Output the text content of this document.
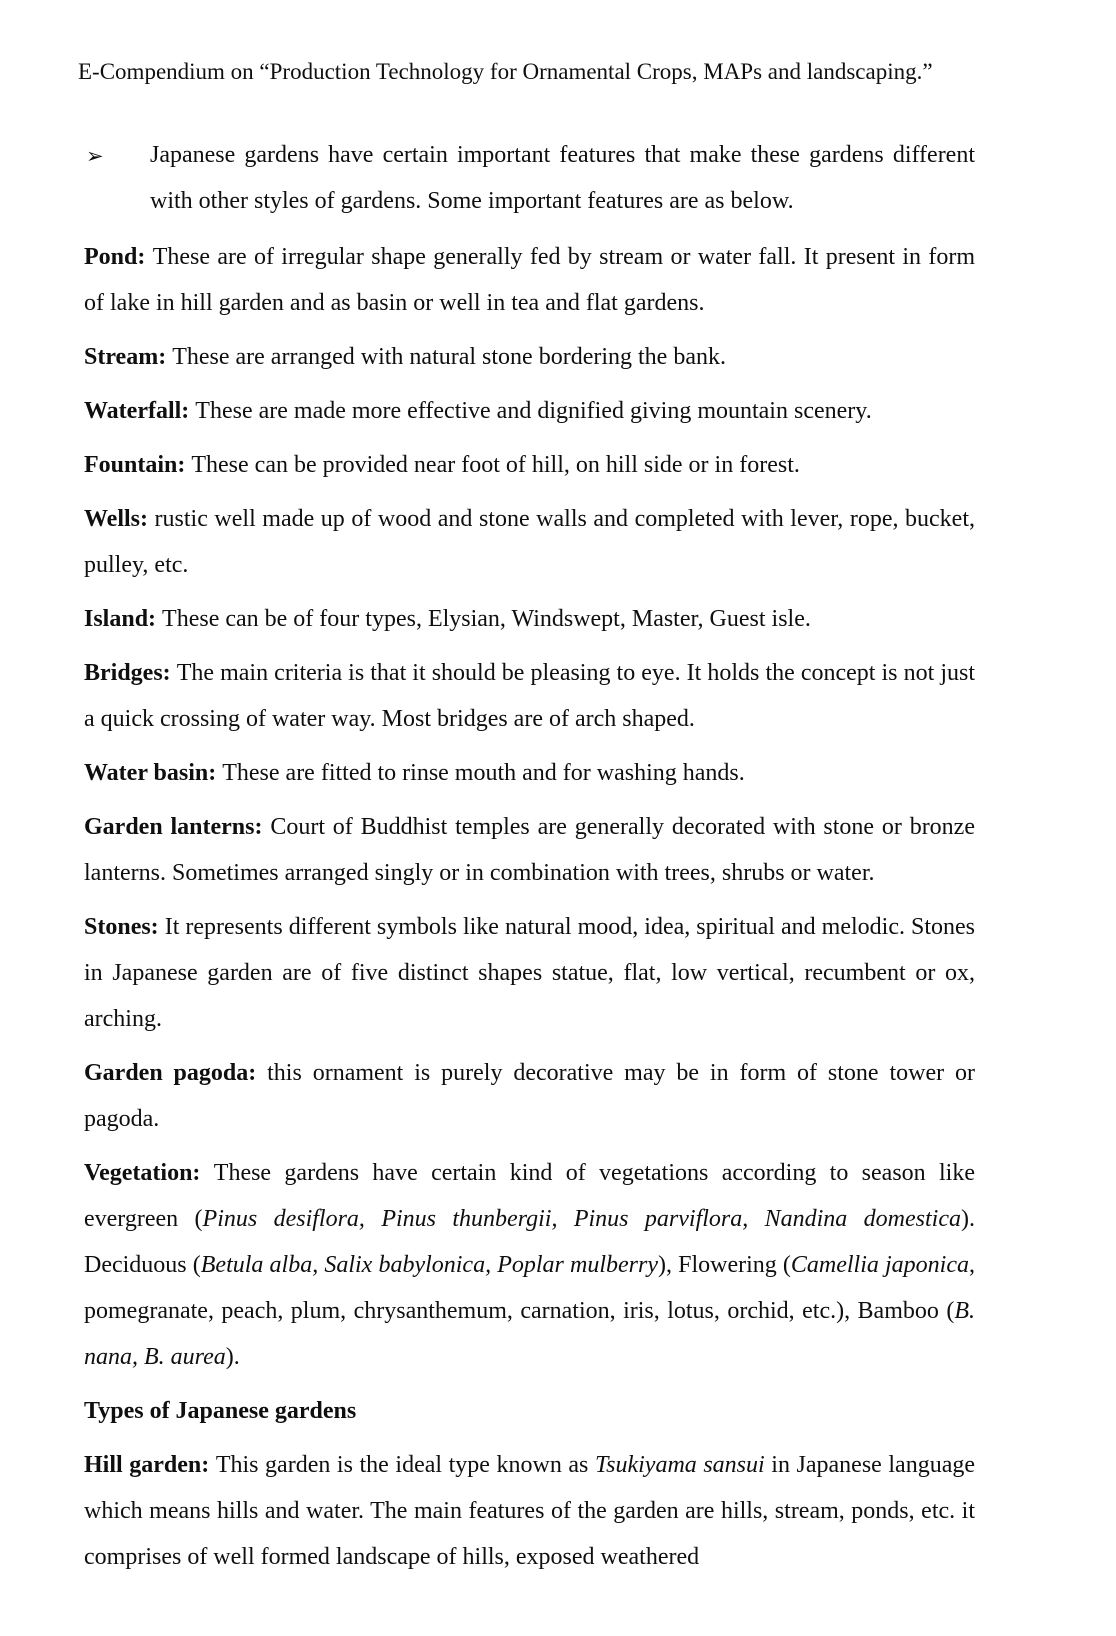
E-Compendium on “Production Technology for Ornamental Crops, MAPs and landscaping.”

➢ Japanese gardens have certain important features that make these gardens different with other styles of gardens. Some important features are as below.

Pond: These are of irregular shape generally fed by stream or water fall. It present in form of lake in hill garden and as basin or well in tea and flat gardens.

Stream: These are arranged with natural stone bordering the bank.

Waterfall: These are made more effective and dignified giving mountain scenery.

Fountain: These can be provided near foot of hill, on hill side or in forest.

Wells: rustic well made up of wood and stone walls and completed with lever, rope, bucket, pulley, etc.

Island: These can be of four types, Elysian, Windswept, Master, Guest isle.

Bridges: The main criteria is that it should be pleasing to eye. It holds the concept is not just a quick crossing of water way. Most bridges are of arch shaped.

Water basin: These are fitted to rinse mouth and for washing hands.

Garden lanterns: Court of Buddhist temples are generally decorated with stone or bronze lanterns. Sometimes arranged singly or in combination with trees, shrubs or water.

Stones: It represents different symbols like natural mood, idea, spiritual and melodic. Stones in Japanese garden are of five distinct shapes statue, flat, low vertical, recumbent or ox, arching.

Garden pagoda: this ornament is purely decorative may be in form of stone tower or pagoda.

Vegetation: These gardens have certain kind of vegetations according to season like evergreen (Pinus desiflora, Pinus thunbergii, Pinus parviflora, Nandina domestica). Deciduous (Betula alba, Salix babylonica, Poplar mulberry), Flowering (Camellia japonica, pomegranate, peach, plum, chrysanthemum, carnation, iris, lotus, orchid, etc.), Bamboo (B. nana, B. aurea).

Types of Japanese gardens

Hill garden: This garden is the ideal type known as Tsukiyama sansui in Japanese language which means hills and water. The main features of the garden are hills, stream, ponds, etc. it comprises of well formed landscape of hills, exposed weathered
